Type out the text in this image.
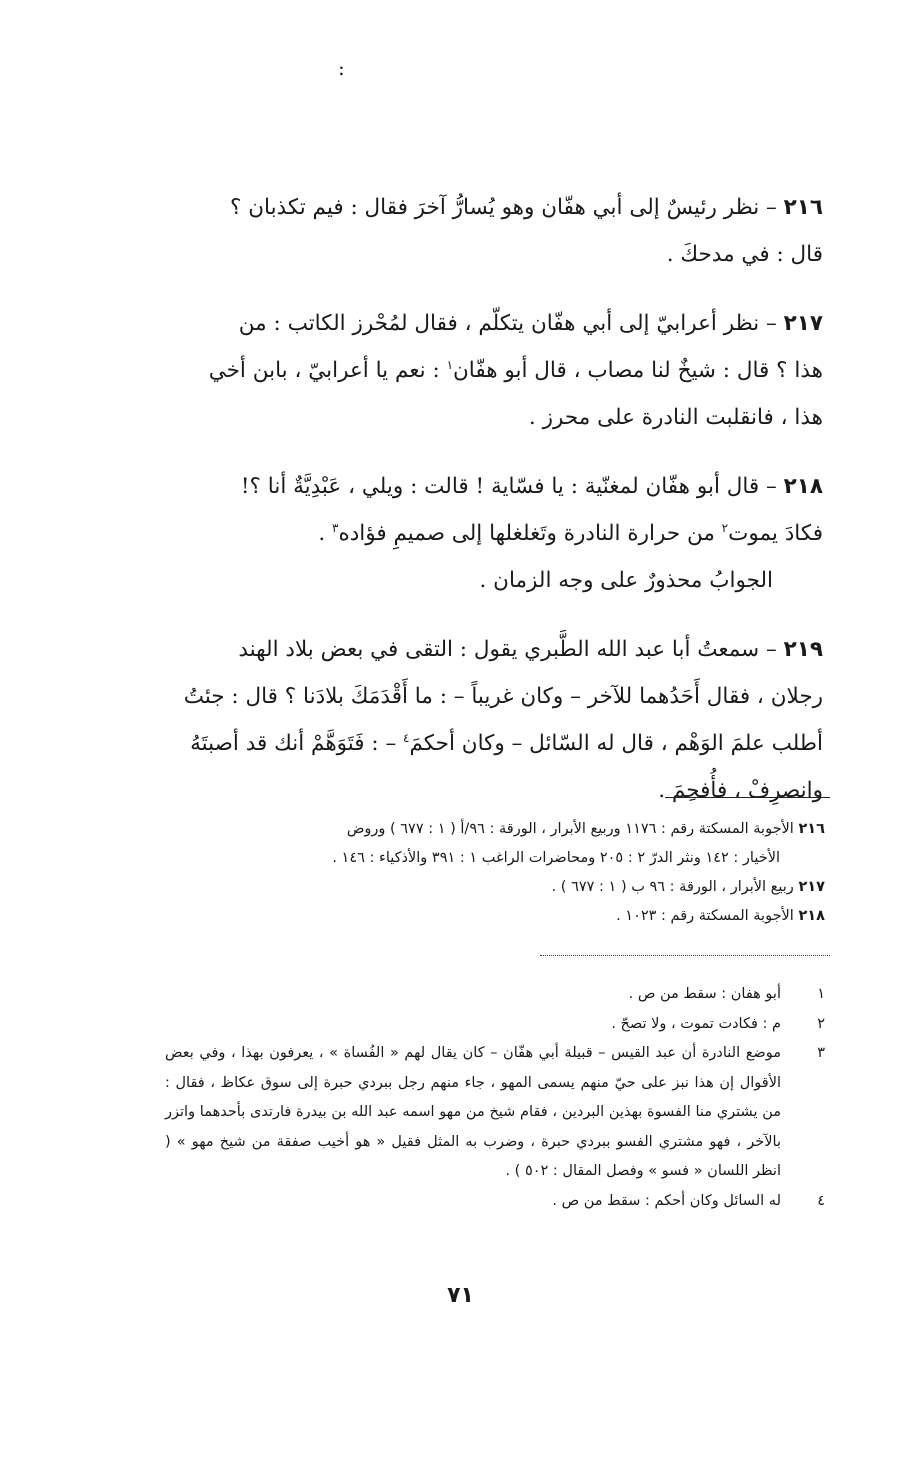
:
٢١٦ – نظر رئيسٌ إلى أبي هفّان وهو يُسارُّ آخرَ فقال : فيم تكذبان ؟
قال : في مدحكَ .
٢١٧ – نظر أعرابيّ إلى أبي هفّان يتكلّم ، فقال لمُحْرز الكاتب : من
هذا ؟ قال : شيخٌ لنا مصاب ، قال أبو هفّان$^١$ : نعم يا أعرابيّ ، بابن أخي
هذا ، فانقلبت النادرة على محرز .
٢١٨ – قال أبو هفّان لمغنّية : يا فسّاية ! قالت : ويلي ، عَبْدِيَّةٌ أنا ؟!
فكادَ يموت$^٢$ من حرارة النادرة وتَغلغلها إلى صميمِ فؤاده$^٣$ .

الجوابُ محذورٌ على وجه الزمان .
٢١٩ – سمعتُ أبا عبد الله الطَّبري يقول : التقى في بعض بلاد الهند
رجلان ، فقال أَحَدُهما للآخر – وكان غريباً – : ما أَقْدَمَكَ بلادَنا ؟ قال : جئتُ
أطلب علمَ الوَهْم ، قال له السّائل – وكان أحكمَ$^٤$ – : فَتَوَهَّمْ أنك قد أصبتَهُ
وانصرِفْ ، فأُفحِمَ .
٢١٦ الأجوبة المسكتة رقم : ١١٧٦ وربيع الأبرار ، الورقة : ٩٦/أ ( ١ : ٦٧٧ ) وروض
الأخيار : ١٤٢ ونثر الدرّ ٢ : ٢٠٥ ومحاضرات الراغب ١ : ٣٩١ والأذكياء : ١٤٦ .
٢١٧ ربيع الأبرار ، الورقة : ٩٦ ب ( ١ : ٦٧٧ ) .
٢١٨ الأجوبة المسكتة رقم : ١٠٢٣ .
١
أبو هفان : سقط من ص .
٢
م : فكادت تموت ، ولا تصحّ .
٣
موضع النادرة أن عبد القيس – قبيلة أبي هفّان – كان يقال لهم « الفُساة » ، يعرفون بهذا ، وفي بعض الأقوال إن هذا نبز على حيّ منهم يسمى المهو ، جاء منهم رجل ببردي حبرة إلى سوق عكاظ ، فقال : من يشتري منا الفسوة بهذين البردين ، فقام شيخ من مهو اسمه عبد الله بن بيدرة فارتدى بأحدهما واتزر بالآخر ، فهو مشتري الفسو ببردي حبرة ، وضرب به المثل فقيل « هو أخيب صفقة من شيخ مهو » ( انظر اللسان « فسو » وفصل المقال : ٥٠٢ ) .
٤
له السائل وكان أحكم : سقط من ص .
٧١
